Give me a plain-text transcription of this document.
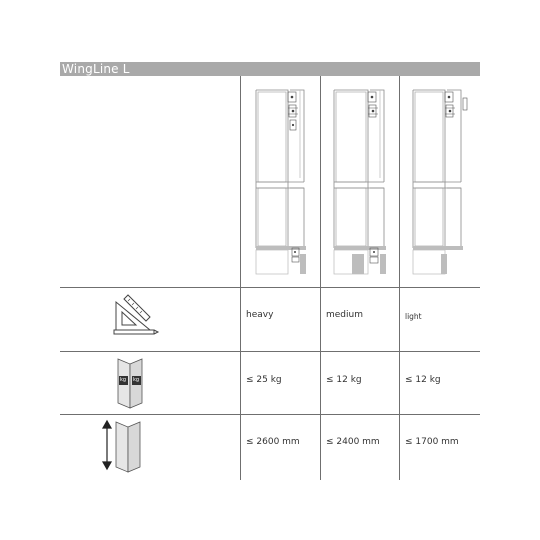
WingLine L
kg kg
heavy	medium	light
≤ 25 kg	≤ 12 kg	≤ 12 kg
≤ 2600 mm	≤ 2400 mm	≤ 1700 mm
